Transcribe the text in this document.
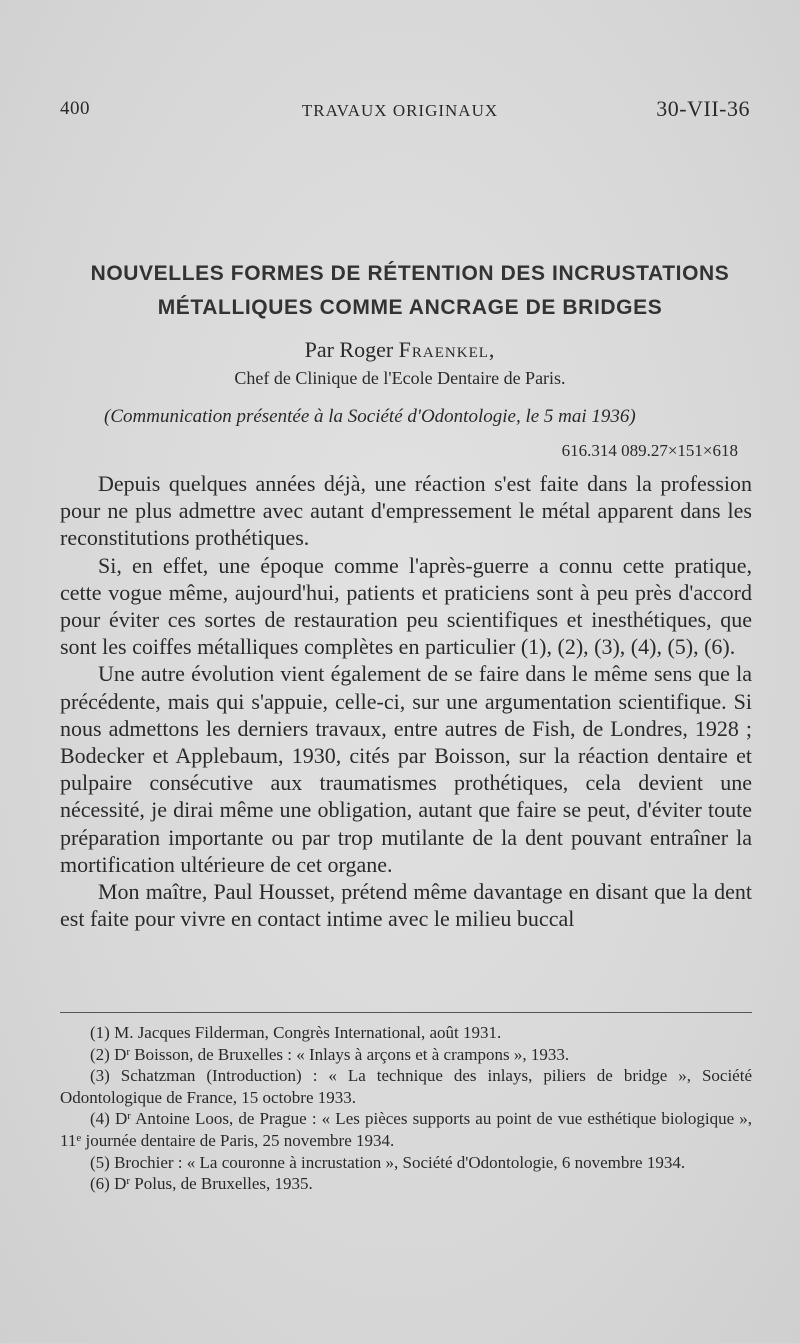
400	TRAVAUX ORIGINAUX	30-VII-36
NOUVELLES FORMES DE RÉTENTION DES INCRUSTATIONS
MÉTALLIQUES COMME ANCRAGE DE BRIDGES
Par Roger Fraenkel,
Chef de Clinique de l'Ecole Dentaire de Paris.
(Communication présentée à la Société d'Odontologie, le 5 mai 1936)
616.314 089.27×151×618

Depuis quelques années déjà, une réaction s'est faite dans la profession pour ne plus admettre avec autant d'empressement le métal apparent dans les reconstitutions prothétiques.

Si, en effet, une époque comme l'après-guerre a connu cette pratique, cette vogue même, aujourd'hui, patients et praticiens sont à peu près d'accord pour éviter ces sortes de restauration peu scientifiques et inesthétiques, que sont les coiffes métalliques complètes en particulier (1), (2), (3), (4), (5), (6).

Une autre évolution vient également de se faire dans le même sens que la précédente, mais qui s'appuie, celle-ci, sur une argumentation scientifique. Si nous admettons les derniers travaux, entre autres de Fish, de Londres, 1928 ; Bodecker et Applebaum, 1930, cités par Boisson, sur la réaction dentaire et pulpaire consécutive aux traumatismes prothétiques, cela devient une nécessité, je dirai même une obligation, autant que faire se peut, d'éviter toute préparation importante ou par trop mutilante de la dent pouvant entraîner la mortification ultérieure de cet organe.

Mon maître, Paul Housset, prétend même davantage en disant que la dent est faite pour vivre en contact intime avec le milieu buccal

(1) M. Jacques Filderman, Congrès International, août 1931.

(2) $D^r$ Boisson, de Bruxelles : « Inlays à arçons et à crampons », 1933.

(3) Schatzman (Introduction) : « La technique des inlays, piliers de bridge », Société Odontologique de France, 15 octobre 1933.

(4) $D^r$ Antoine Loos, de Prague : « Les pièces supports au point de vue esthétique biologique », 11e journée dentaire de Paris, 25 novembre 1934.

(5) Brochier : « La couronne à incrustation », Société d'Odontologie, 6 novembre 1934.

(6) $D^r$ Polus, de Bruxelles, 1935.
